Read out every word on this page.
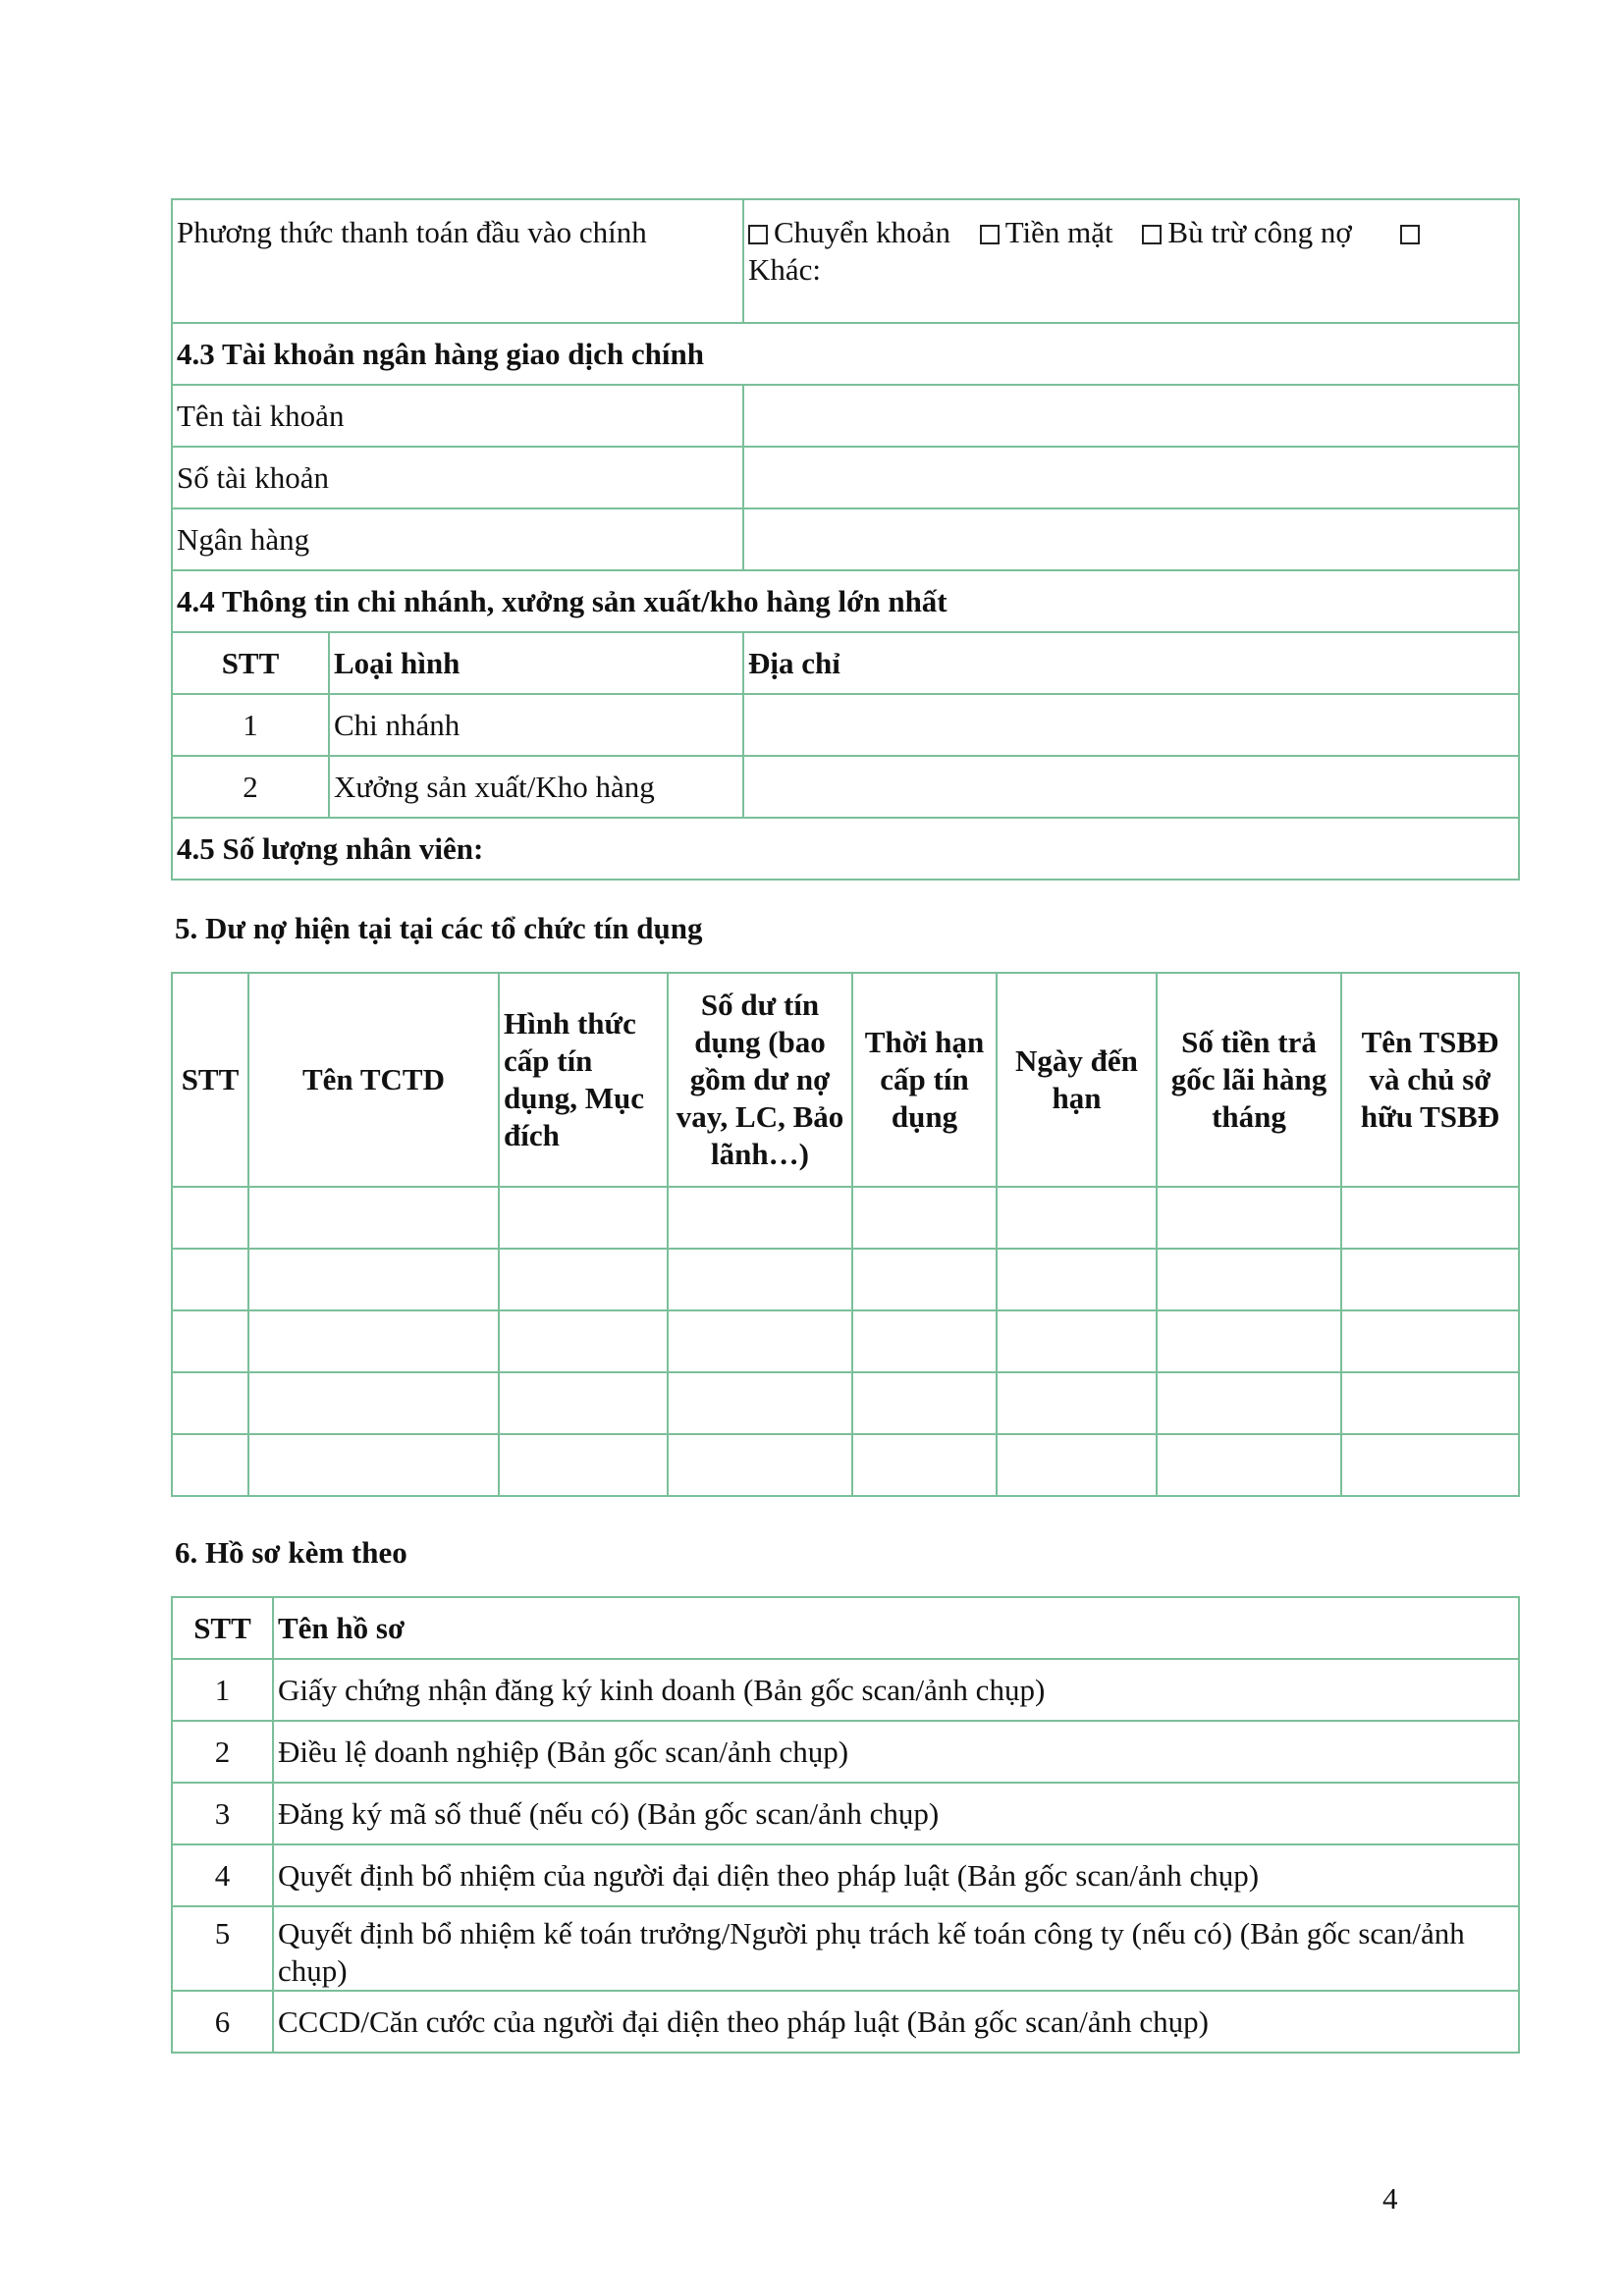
Phương thức thanh toán đầu vào chính		Chuyển khoản Tiền mặt Bù trừ công nợ
Khác:
4.3 Tài khoản ngân hàng giao dịch chính		
Tên tài khoản		
Số tài khoản		
Ngân hàng		
4.4 Thông tin chi nhánh, xưởng sản xuất/kho hàng lớn nhất		
STT	Loại hình	Địa chỉ
1	Chi nhánh	
2	Xưởng sản xuất/Kho hàng	
4.5 Số lượng nhân viên:		
5. Dư nợ hiện tại tại các tổ chức tín dụng
STT	Tên TCTD	Hình thức cấp tín dụng, Mục đích	Số dư tín dụng (bao gồm dư nợ vay, LC, Bảo lãnh…)	Thời hạn cấp tín dụng	Ngày đến hạn	Số tiền trả gốc lãi hàng tháng	Tên TSBĐ và chủ sở hữu TSBĐ

6. Hồ sơ kèm theo
STT	Tên hồ sơ
1	Giấy chứng nhận đăng ký kinh doanh (Bản gốc scan/ảnh chụp)
2	Điều lệ doanh nghiệp (Bản gốc scan/ảnh chụp)
3	Đăng ký mã số thuế (nếu có) (Bản gốc scan/ảnh chụp)
4	Quyết định bổ nhiệm của người đại diện theo pháp luật (Bản gốc scan/ảnh chụp)
5	Quyết định bổ nhiệm kế toán trưởng/Người phụ trách kế toán công ty (nếu có) (Bản gốc scan/ảnh chụp)
6	CCCD/Căn cước của người đại diện theo pháp luật (Bản gốc scan/ảnh chụp)
4
